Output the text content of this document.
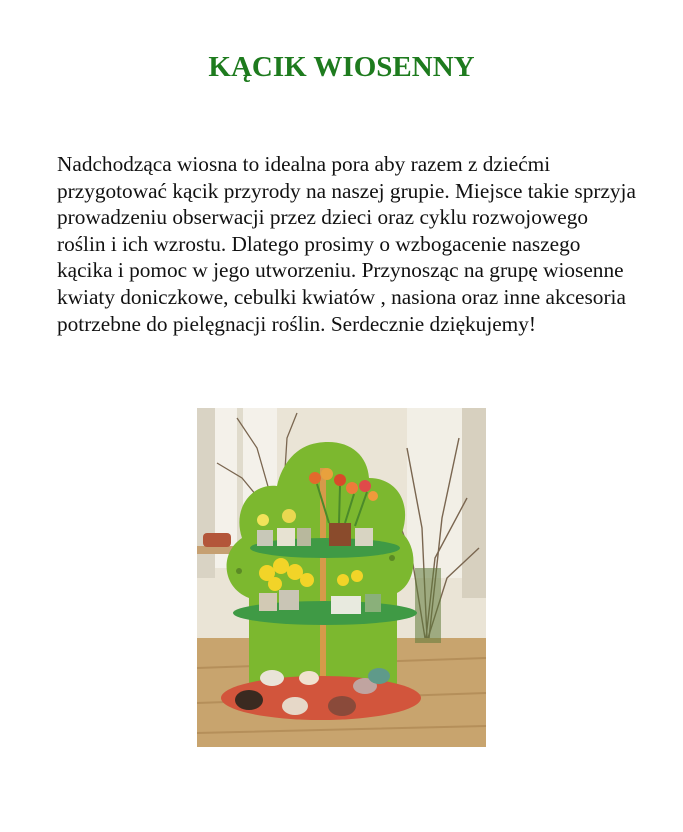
KĄCIK WIOSENNY

Nadchodząca wiosna to idealna pora aby razem z dziećmi przygotować kącik przyrody na naszej grupie. Miejsce takie sprzyja prowadzeniu obserwacji przez dzieci oraz cyklu rozwojowego roślin i ich wzrostu. Dlatego prosimy o wzbogacenie naszego kącika i pomoc w jego utworzeniu. Przynosząc na grupę wiosenne kwiaty doniczkowe, cebulki kwiatów , nasiona oraz inne akcesoria potrzebne do pielęgnacji roślin. Serdecznie dziękujemy!
